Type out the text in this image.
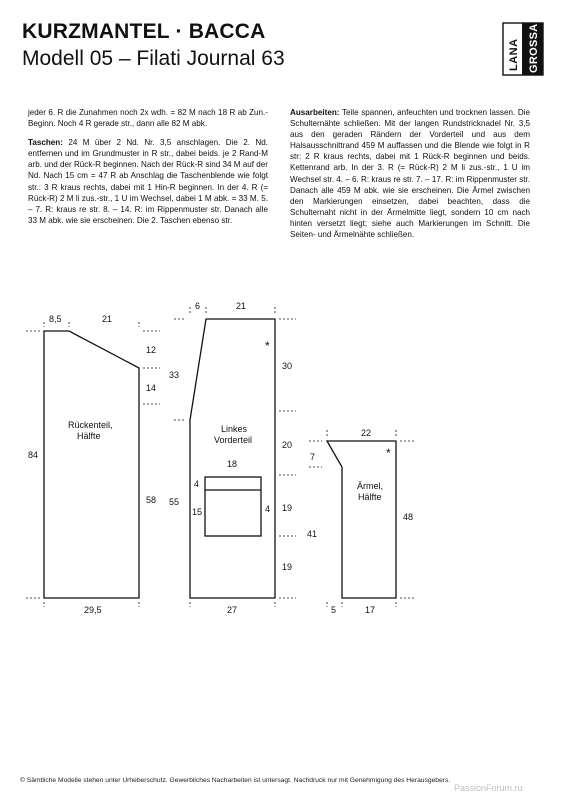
KURZMANTEL · BACCA
Modell 05 – Filati Journal 63	LANA GROSSA

jeder 6. R die Zunahmen noch 2x wdh. = 82 M nach 18 R ab Zun.-Beginn. Noch 4 R gerade str., dann alle 82 M abk.

Taschen: 24 M über 2 Nd. Nr. 3,5 anschlagen. Die 2. Nd. entfernen und im Grundmuster in R str., dabei beids. je 2 Rand-M arb. und der Rück-R beginnen. Nach der Rück-R sind 34 M auf der Nd. Nach 15 cm = 47 R ab Anschlag die Taschenblende wie folgt str.: 3 R kraus rechts, dabei mit 1 Hin-R beginnen. In der 4. R (= Rück-R) 2 M li zus.-str., 1 U im Wechsel, dabei 1 M abk. = 33 M. 5. – 7. R: kraus re str. 8. – 14. R: im Rippenmuster str. Danach alle 33 M abk. wie sie erscheinen. Die 2. Taschen ebenso str.

Ausarbeiten: Teile spannen, anfeuchten und trocknen lassen. Die Schulternähte schließen. Mit der langen Rundstricknadel Nr. 3,5 aus den geraden Rändern der Vorderteil und aus dem Halsausschnittrand 459 M auffassen und die Blende wie folgt in R str: 2 R kraus rechts, dabei mit 1 Rück-R beginnen und beids. Kettenrand arb. In der 3. R (= Rück-R) 2 M li zus.-str., 1 U im Wechsel str. 4. – 6. R: kraus re str. 7. – 17. R: im Rippenmuster str. Danach alle 459 M abk. wie sie erscheinen. Die Ärmel zwischen den Markierungen einsetzen, dabei beachten, dass die Schulternaht nicht in der Ärmelmitte liegt, sondern 10 cm nach hinten versetzt liegt; siehe auch Markierungen im Schnitt. Die Seiten- und Ärmelnähte schließen.

8,5	21
12
14
84
Rückenteil,
Hälfte
58
29,5
6	21
*
33
30
Linkes
Vorderteil	20
18
4
55
19
15	4
19
27
22
*
7
Ärmel,
Hälfte
48
41
5	17
© Sämtliche Modelle stehen unter Urheberschutz. Gewerbliches Nacharbeiten ist untersagt. Nachdruck nur mit Genehmigung des Herausgebers.
PassionForum.ru
